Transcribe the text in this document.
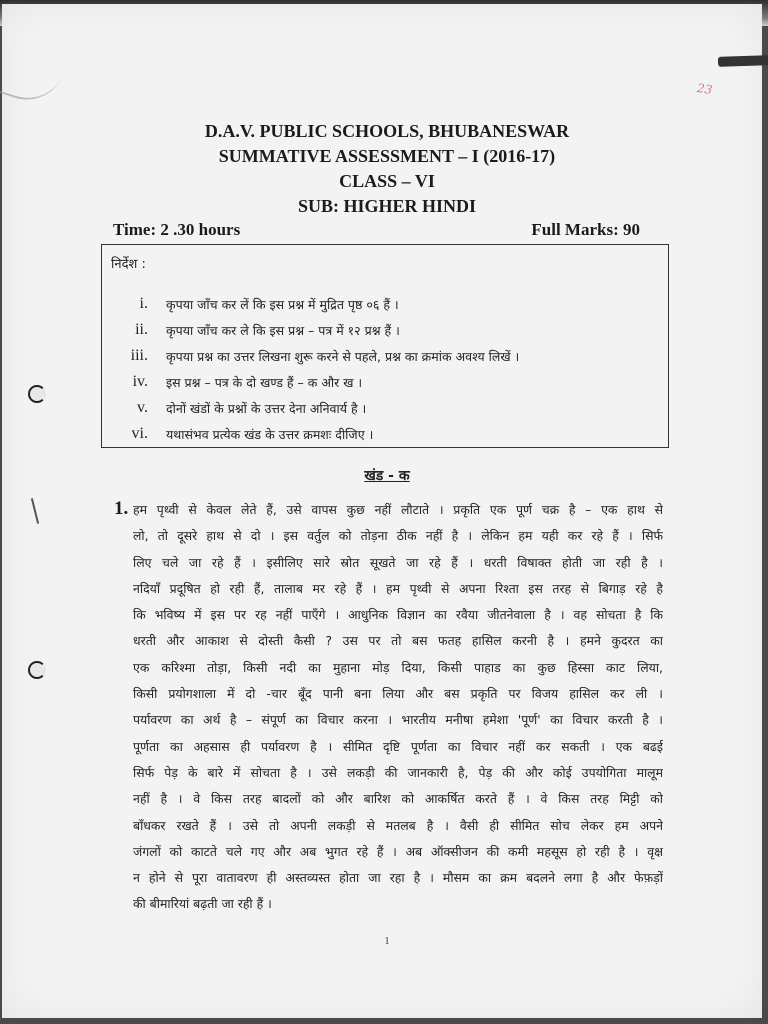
23
D.A.V. PUBLIC SCHOOLS, BHUBANESWAR
SUMMATIVE ASSESSMENT – I (2016-17)
CLASS – VI
SUB: HIGHER HINDI
Time: 2 .30 hours	Full Marks: 90
निर्देश :
i. कृपया जाँच कर लें कि इस प्रश्न में मुद्रित पृष्ठ ०६ हैं ।
ii. कृपया जाँच कर ले कि इस प्रश्न – पत्र में १२ प्रश्न हैं ।
iii. कृपया प्रश्न का उत्तर लिखना शुरू करने से पहले, प्रश्न का क्रमांक अवश्य लिखें ।
iv. इस प्रश्न – पत्र के दो खण्ड हैं – क और ख ।
v. दोनों खंडों के प्रश्नों के उत्तर देना अनिवार्य है ।
vi. यथासंभव प्रत्येक खंड के उत्तर क्रमशः दीजिए ।
खंड - क
1. हम पृथ्वी से केवल लेते हैं, उसे वापस कुछ नहीं लौटाते । प्रकृति एक पूर्ण चक्र है – एक हाथ से
लो, तो दूसरे हाथ से दो । इस वर्तुल को तोड़ना ठीक नहीं है । लेकिन हम यही कर रहे हैं । सिर्फ
लिए चले जा रहे हैं । इसीलिए सारे स्रोत सूखते जा रहे हैं । धरती विषाक्त होती जा रही है ।
नदियाँ प्रदूषित हो रही हैं, तालाब मर रहे हैं । हम पृथ्वी से अपना रिश्ता इस तरह से बिगाड़ रहे है
कि भविष्य में इस पर रह नहीं पाएँगे । आधुनिक विज्ञान का रवैया जीतनेवाला है । वह सोचता है कि
धरती और आकाश से दोस्ती कैसी ? उस पर तो बस फतह हासिल करनी है । हमने कुदरत का
एक करिश्मा तोड़ा, किसी नदी का मुहाना मोड़ दिया, किसी पाहाड का कुछ हिस्सा काट लिया,
किसी प्रयोगशाला में दो -चार बूँद पानी बना लिया और बस प्रकृति पर विजय हासिल कर ली ।
पर्यावरण का अर्थ है – संपूर्ण का विचार करना । भारतीय मनीषा हमेशा 'पूर्ण' का विचार करती है ।
पूर्णता का अहसास ही पर्यावरण है । सीमित दृष्टि पूर्णता का विचार नहीं कर सकती । एक बढई
सिर्फ पेड़ के बारे में सोचता है । उसे लकड़ी की जानकारी है, पेड़ की और कोई उपयोगिता मालूम
नहीं है । वे किस तरह बादलों को और बारिश को आकर्षित करते हैं । वे किस तरह मिट्टी को
बाँधकर रखते हैं । उसे तो अपनी लकड़ी से मतलब है । वैसी ही सीमित सोच लेकर हम अपने
जंगलों को काटते चले गए और अब भुगत रहे हैं । अब ऑक्सीजन की कमी महसूस हो रही है । वृक्ष
न होने से पूरा वातावरण ही अस्तव्यस्त होता जा रहा है । मौसम का क्रम बदलने लगा है और फेफ़ड़ों
की बीमारियां बढ़ती जा रही हैं ।
1
